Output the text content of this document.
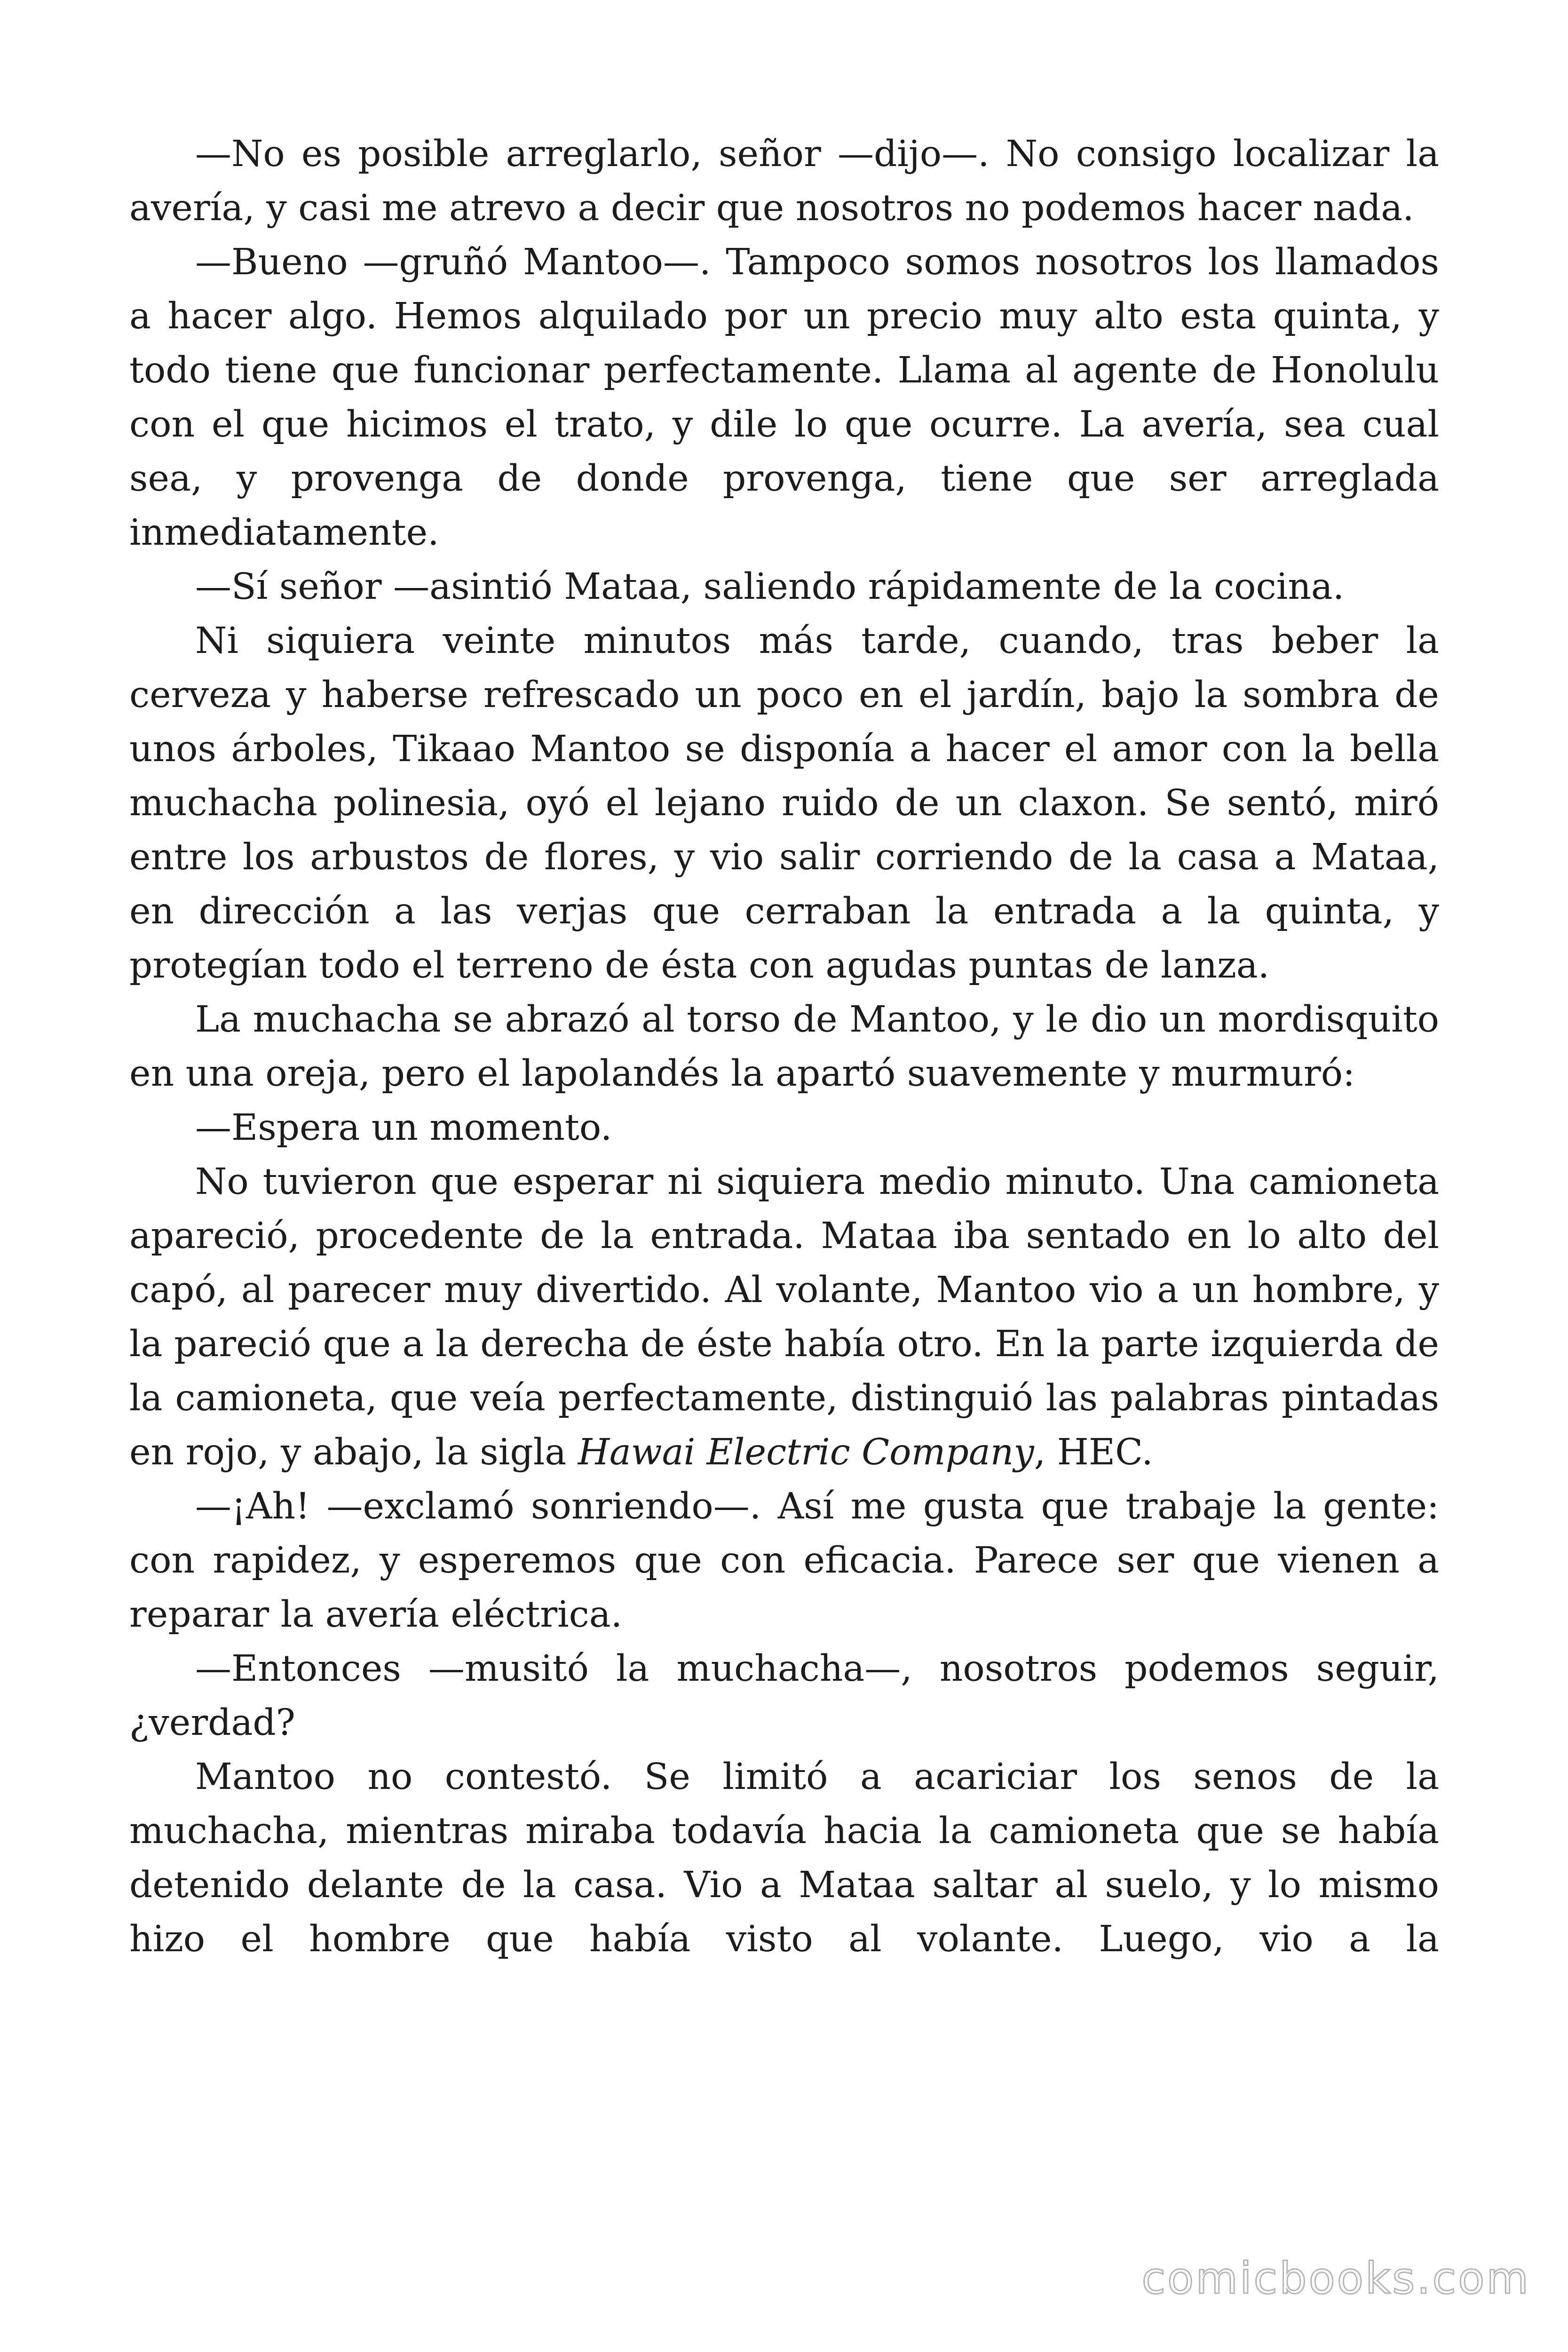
—No es posible arreglarlo, señor —dijo—. No consigo localizar la avería, y casi me atrevo a decir que nosotros no podemos hacer nada.

—Bueno —gruñó Mantoo—. Tampoco somos nosotros los llamados a hacer algo. Hemos alquilado por un precio muy alto esta quinta, y todo tiene que funcionar perfectamente. Llama al agente de Honolulu con el que hicimos el trato, y dile lo que ocurre. La avería, sea cual sea, y provenga de donde provenga, tiene que ser arreglada inmediatamente.

—Sí señor —asintió Mataa, saliendo rápidamente de la cocina.

Ni siquiera veinte minutos más tarde, cuando, tras beber la cerveza y haberse refrescado un poco en el jardín, bajo la sombra de unos árboles, Tikaao Mantoo se disponía a hacer el amor con la bella muchacha polinesia, oyó el lejano ruido de un claxon. Se sentó, miró entre los arbustos de flores, y vio salir corriendo de la casa a Mataa, en dirección a las verjas que cerraban la entrada a la quinta, y protegían todo el terreno de ésta con agudas puntas de lanza.

La muchacha se abrazó al torso de Mantoo, y le dio un mordisquito en una oreja, pero el lapolandés la apartó suavemente y murmuró:

—Espera un momento.

No tuvieron que esperar ni siquiera medio minuto. Una camioneta apareció, procedente de la entrada. Mataa iba sentado en lo alto del capó, al parecer muy divertido. Al volante, Mantoo vio a un hombre, y la pareció que a la derecha de éste había otro. En la parte izquierda de la camioneta, que veía perfectamente, distinguió las palabras pintadas en rojo, y abajo, la sigla Hawai Electric Company, HEC.

—¡Ah! —exclamó sonriendo—. Así me gusta que trabaje la gente: con rapidez, y esperemos que con eficacia. Parece ser que vienen a reparar la avería eléctrica.

—Entonces —musitó la muchacha—, nosotros podemos seguir, ¿verdad?

Mantoo no contestó. Se limitó a acariciar los senos de la muchacha, mientras miraba todavía hacia la camioneta que se había detenido delante de la casa. Vio a Mataa saltar al suelo, y lo mismo hizo el hombre que había visto al volante. Luego, vio a la

comicbooks.com
